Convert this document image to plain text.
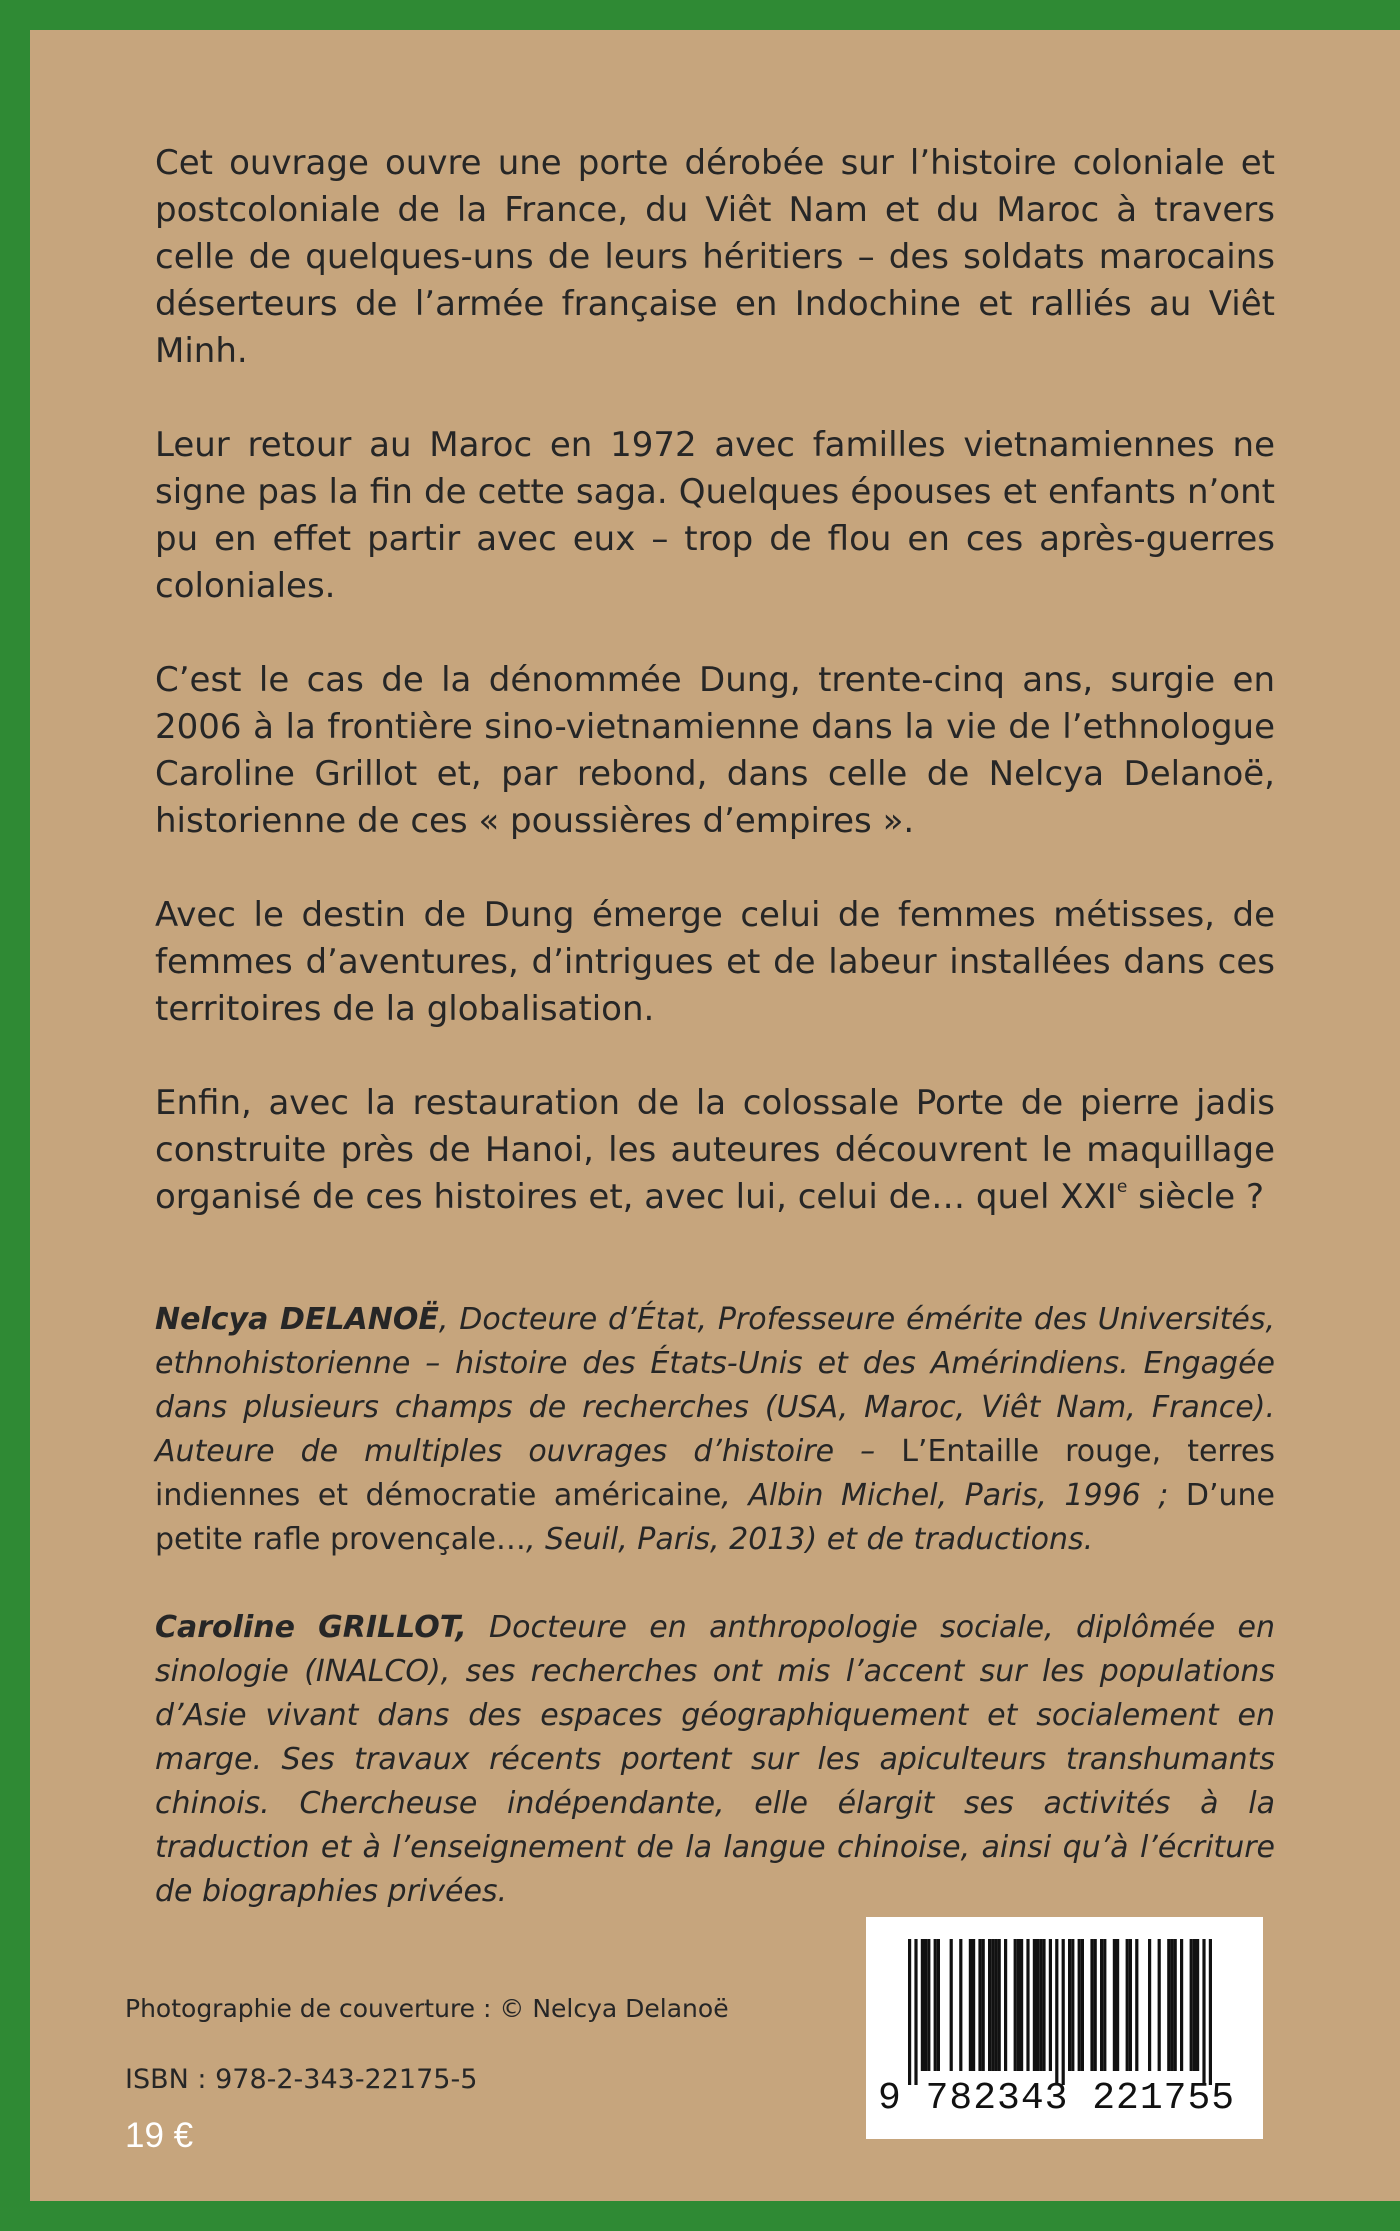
Cet ouvrage ouvre une porte dérobée sur l’histoire coloniale et postcoloniale de la France, du Viêt Nam et du Maroc à travers celle de quelques-uns de leurs héritiers – des soldats marocains déserteurs de l’armée française en Indochine et ralliés au Viêt Minh.

Leur retour au Maroc en 1972 avec familles vietnamiennes ne signe pas la fin de cette saga. Quelques épouses et enfants n’ont pu en effet partir avec eux – trop de flou en ces après-guerres coloniales.

C’est le cas de la dénommée Dung, trente-cinq ans, surgie en 2006 à la frontière sino-vietnamienne dans la vie de l’ethnologue Caroline Grillot et, par rebond, dans celle de Nelcya Delanoë, historienne de ces « poussières d’empires ».

Avec le destin de Dung émerge celui de femmes métisses, de femmes d’aventures, d’intrigues et de labeur installées dans ces territoires de la globalisation.

Enfin, avec la restauration de la colossale Porte de pierre jadis construite près de Hanoi, les auteures découvrent le maquillage organisé de ces histoires et, avec lui, celui de… quel XXIe siècle ?

Nelcya DELANOË, Docteure d’État, Professeure émérite des Universités, ethnohistorienne – histoire des États-Unis et des Amérindiens. Engagée dans plusieurs champs de recherches (USA, Maroc, Viêt Nam, France). Auteure de multiples ouvrages d’histoire – L’Entaille rouge, terres indiennes et démocratie américaine, Albin Michel, Paris, 1996 ; D’une petite rafle provençale…, Seuil, Paris, 2013) et de traductions.

Caroline GRILLOT, Docteure en anthropologie sociale, diplômée en sinologie (INALCO), ses recherches ont mis l’accent sur les populations d’Asie vivant dans des espaces géographiquement et socialement en marge. Ses travaux récents portent sur les apiculteurs transhumants chinois. Chercheuse indépendante, elle élargit ses activités à la traduction et à l’enseignement de la langue chinoise, ainsi qu’à l’écriture de biographies privées.

9 782343 221755
Photographie de couverture : © Nelcya Delanoë
ISBN : 978-2-343-22175-5
19 €
